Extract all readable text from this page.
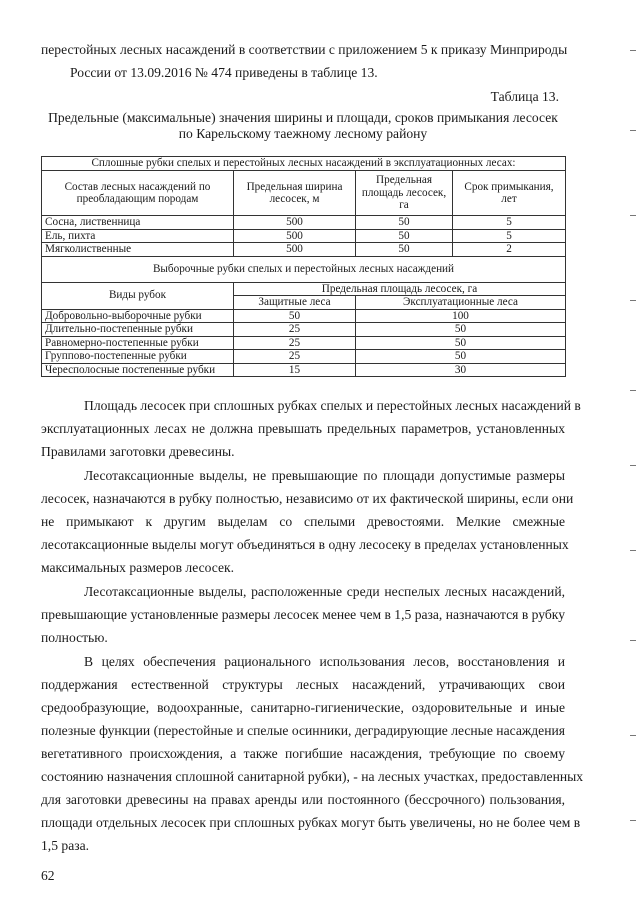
перестойных лесных насаждений в соответствии с приложением 5 к приказу Минприроды
России от 13.09.2016 № 474 приведены в таблице 13.
Таблица 13.
Предельные (максимальные) значения ширины и площади, сроков примыкания лесосек
по Карельскому таежному лесному району
Сплошные рубки спелых и перестойных лесных насаждений в эксплуатационных лесах:			
Состав лесных насаждений по преобладающим породам	Предельная ширина лесосек, м	Предельная площадь лесосек, га	Срок примыкания, лет
Сосна, лиственница	500	50	5
Ель, пихта	500	50	5
Мягколиственные	500	50	2
Выборочные рубки спелых и перестойных лесных насаждений			
Виды рубок	Предельная площадь лесосек, га		
	Защитные леса	Эксплуатационные леса	
Добровольно-выборочные рубки	50	100	
Длительно-постепенные рубки	25	50	
Равномерно-постепенные рубки	25	50	
Группово-постепенные рубки	25	50	
Чересполосные постепенные рубки	15	30	
Площадь лесосек при сплошных рубках спелых и перестойных лесных насаждений в
эксплуатационных лесах не должна превышать предельных параметров, установленных
Правилами заготовки древесины.
Лесотаксационные выделы, не превышающие по площади допустимые размеры
лесосек, назначаются в рубку полностью, независимо от их фактической ширины, если они
не примыкают к другим выделам со спелыми древостоями. Мелкие смежные
лесотаксационные выделы могут объединяться в одну лесосеку в пределах установленных
максимальных размеров лесосек.
Лесотаксационные выделы, расположенные среди неспелых лесных насаждений,
превышающие установленные размеры лесосек менее чем в 1,5 раза, назначаются в рубку
полностью.
В целях обеспечения рационального использования лесов, восстановления и
поддержания естественной структуры лесных насаждений, утрачивающих свои
средообразующие, водоохранные, санитарно-гигиенические, оздоровительные и иные
полезные функции (перестойные и спелые осинники, деградирующие лесные насаждения
вегетативного происхождения, а также погибшие насаждения, требующие по своему
состоянию назначения сплошной санитарной рубки), - на лесных участках, предоставленных
для заготовки древесины на правах аренды или постоянного (бессрочного) пользования,
площади отдельных лесосек при сплошных рубках могут быть увеличены, но не более чем в
1,5 раза.
62
